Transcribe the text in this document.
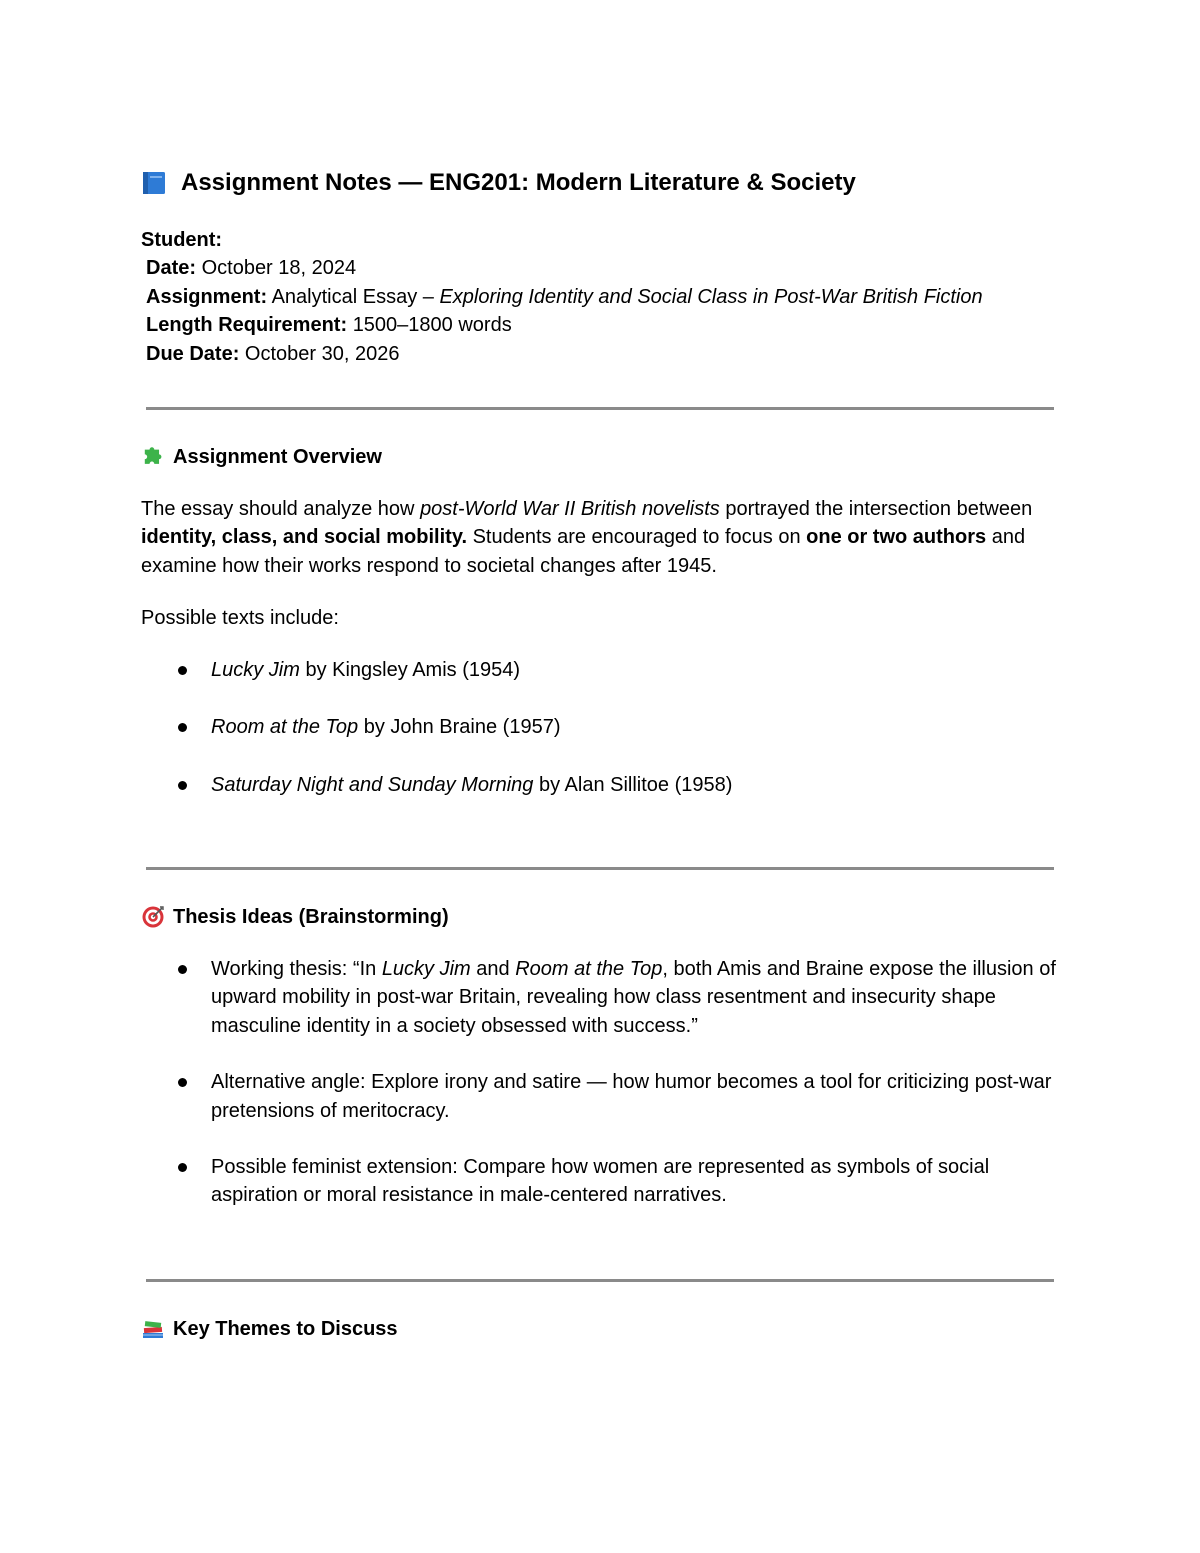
Assignment Notes — ENG201: Modern Literature & Society
Student:
Date: October 18, 2024
Assignment: Analytical Essay – Exploring Identity and Social Class in Post-War British Fiction
Length Requirement: 1500–1800 words
Due Date: October 30, 2026
Assignment Overview
The essay should analyze how post-World War II British novelists portrayed the intersection between identity, class, and social mobility. Students are encouraged to focus on one or two authors and examine how their works respond to societal changes after 1945.
Possible texts include:
Lucky Jim by Kingsley Amis (1954)
Room at the Top by John Braine (1957)
Saturday Night and Sunday Morning by Alan Sillitoe (1958)
Thesis Ideas (Brainstorming)
Working thesis: “In Lucky Jim and Room at the Top, both Amis and Braine expose the illusion of upward mobility in post-war Britain, revealing how class resentment and insecurity shape masculine identity in a society obsessed with success.”
Alternative angle: Explore irony and satire — how humor becomes a tool for criticizing post-war pretensions of meritocracy.
Possible feminist extension: Compare how women are represented as symbols of social aspiration or moral resistance in male-centered narratives.
Key Themes to Discuss
